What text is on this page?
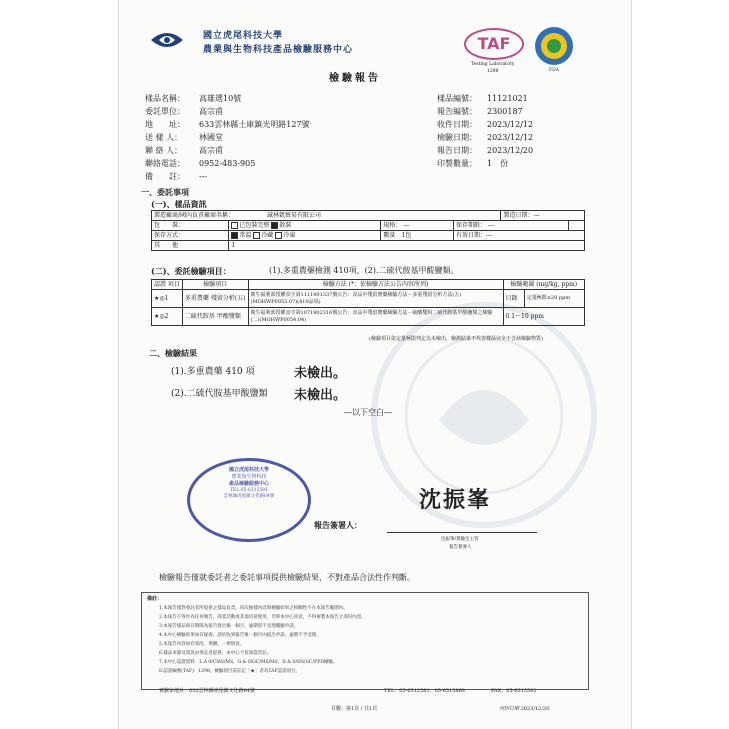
國立虎尾科技大學
農業與生物科技產品檢驗服務中心	TAF
Testing Laboratory
1298	FDA
檢驗報告
樣品名稱： 高雄選10號
委託單位： 高宗甫
地　　址： 633雲林縣土庫鎮光明路127號
送 樣 人： 林國堂
聯 絡 人： 高宗甫
聯絡電話： 0952-483-905
備　　註： ---
樣品編號： 11121021
報告編號： 2300187
收件日期： 2023/12/12
檢驗日期： 2023/12/12
報告日期： 2023/12/20
印製數量： 1　份
一、委託事項
(一)、樣品資訊
製造廠商/國內負責廠商名稱：　　　　　　 誠林穀貿易有限公司				製造日期：---	
包　　裝：	已包裝完整 散裝	規格： ---	保存期限： ---		
保存方式：	常溫 冷藏 冷凍	數量　 1包	有效日期：---		
其　　他	1				
(二)、委託檢驗項目：	(1).多重農藥檢測 410項，(2).二硫代胺基甲酸鹽類。
認證 項目	檢驗項目	檢驗方法 (*：依檢驗方法公告內容所列)	檢驗範圍 (mg/kg, ppm)	
★◎1	多重農藥 殘留分析(五)	衛生福利部授權食字第1111901337號公告：食品中殘留農藥檢驗方法－多重殘留分析方法(五)(MOHWP0055.07)(410品項)	目錄	定量極限≤20 ppm
★◎2	二硫代胺基 甲酸鹽類	衛生福利部授權食字第1071902316號公告：食品中殘留農藥檢驗方法－硫醯雙組二硫代胺基甲酸鹽類之檢驗(二)(MOHWP0054.04)	0.1～10 ppm	
(檢驗項目依定量極限判定為未檢出，檢測結果不代表樣品完全不含該檢驗物質)
二、檢驗結果
(1).多重農藥 410 項	未檢出。
(2).二硫代胺基甲酸鹽類 未檢出。
―以下空白―
國立虎尾科技大學
農業與生物科技
產品檢驗服務中心
TEL:05-6312581
雲林縣虎尾鎮文化路64號
報告簽署人：
沈振峯
沈振峯/實驗室主管
報告簽署人
檢驗報告僅就委託者之委託事項提供檢驗結果，不對產品合法性作判斷。
備註：
1.本報告僅對委託者所提供之樣品負責，同次抽樣內容與檢驗結果之相關性不在本報告範圍內。
2.本報告不得作為任何廣告、商業活動或其他用途使用，非經本中心同意，不得複製本報告之部份內容。
3.本報告樣品保存期限為報告發出後一個月，逾期恕不受理覆驗申請。
4.本中心檢驗結果如有疑義，請於收到報告後一個月內提出申訴，逾期不予受理。
5.本報告內容如有塗改、增刪，一律無效。
6.樣品來源及資訊由委託者提供，本中心不負保證責任。
7.本中心認證資料：L.A 0/CMS/MS，G.& 0/GC/MS/MS，II.& 0/HS/GC/FPD檢驗。
8.認證編號(TAF)：1298，檢驗項目前註記「★」者為TAF認證項目。
實驗室地址：632雲林縣虎尾鎮文化路64號	TEL：05-6312581、05-6315868	FAX：05-6315592
頁數：第1頁 / 共1頁	列印日期 2023/12/20
